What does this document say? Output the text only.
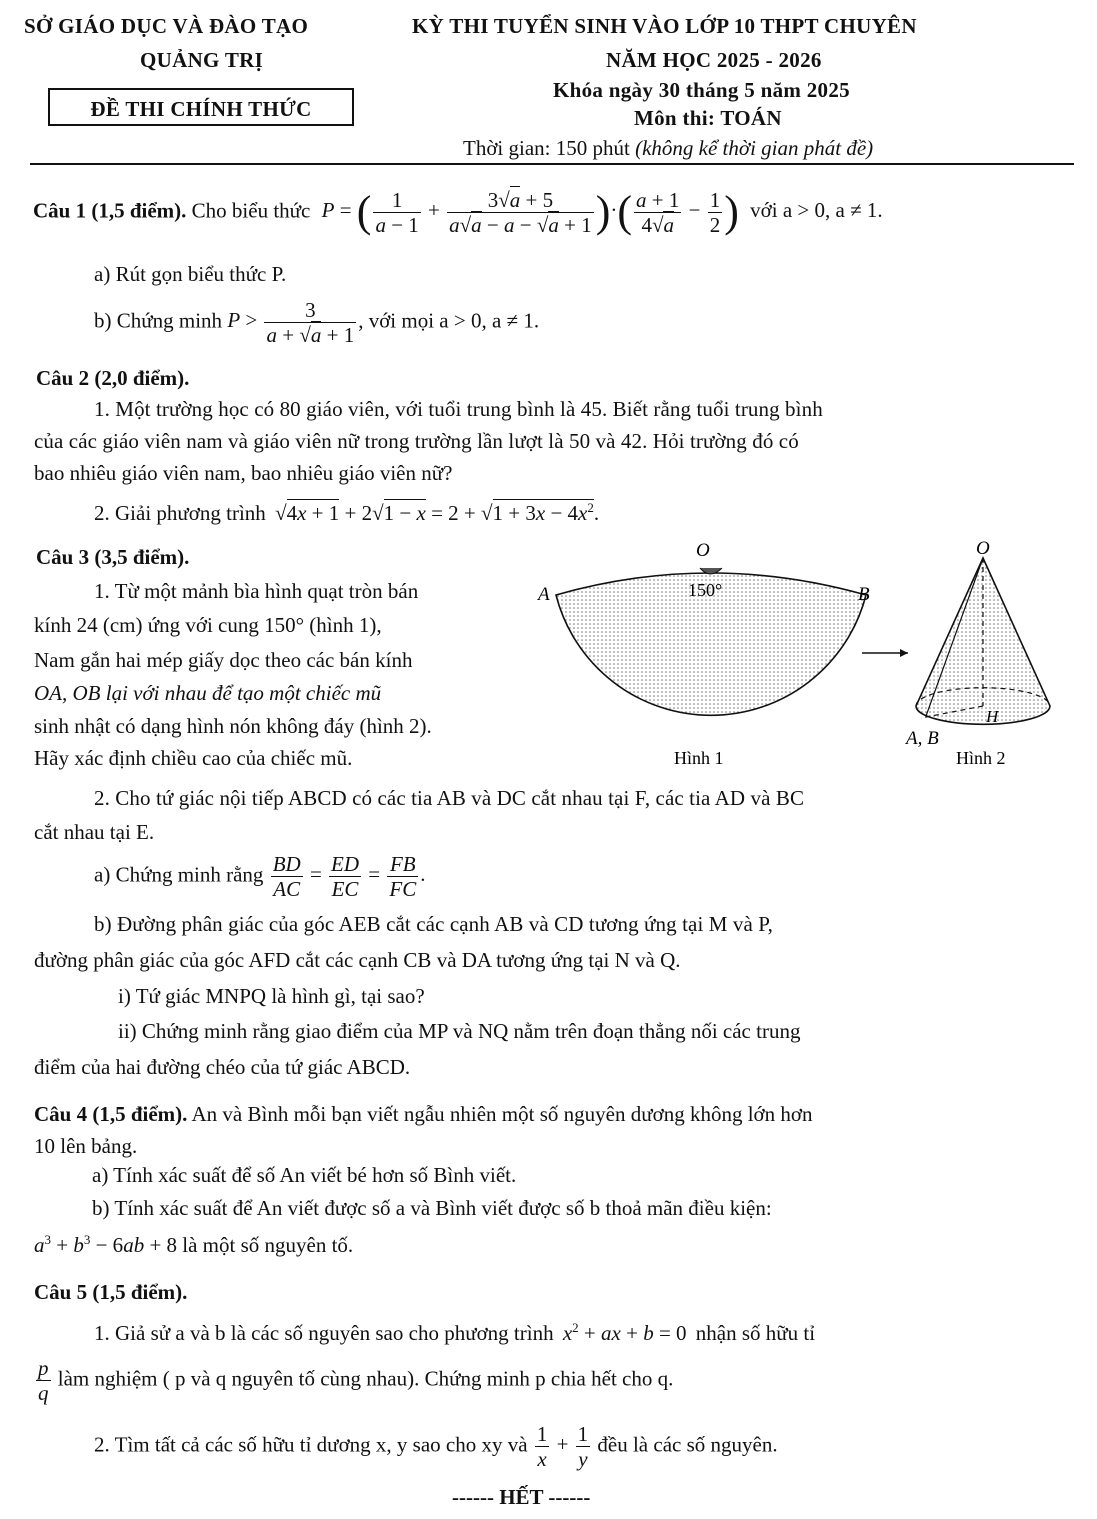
SỞ GIÁO DỤC VÀ ĐÀO TẠO
QUẢNG TRỊ
ĐỀ THI CHÍNH THỨC
KỲ THI TUYỂN SINH VÀO LỚP 10 THPT CHUYÊN
NĂM HỌC 2025 - 2026
Khóa ngày 30 tháng 5 năm 2025
Môn thi: TOÁN
Thời gian: 150 phút (không kể thời gian phát đề)
Câu 1 (1,5 điểm). Cho biểu thức P = ( $\frac{1}{a - 1} + \frac{3√a + 5}{a√a - a - √a + 1}$ )·( $\frac{a + 1}{4√a} - \frac{1}{2}$ ) với a > 0, a ≠ 1.
a) Rút gọn biểu thức P.
b) Chứng minh $P > \frac{3}{a + √a + 1}$ , với mọi a > 0, a ≠ 1.
Câu 2 (2,0 điểm).
1. Một trường học có 80 giáo viên, với tuổi trung bình là 45. Biết rằng tuổi trung bình
của các giáo viên nam và giáo viên nữ trong trường lần lượt là 50 và 42. Hỏi trường đó có
bao nhiêu giáo viên nam, bao nhiêu giáo viên nữ?
2. Giải phương trình $√4x + 1 + 2√1 - x = 2 + √1 + 3x - 4x^2$.
Câu 3 (3,5 điểm).
1. Từ một mảnh bìa hình quạt tròn bán
kính 24 (cm) ứng với cung 150° (hình 1),
Nam gắn hai mép giấy dọc theo các bán kính
OA, OB lại với nhau để tạo một chiếc mũ
sinh nhật có dạng hình nón không đáy (hình 2).
Hãy xác định chiều cao của chiếc mũ.
O
A	B
150°
Hình 1
O
H
A, B
Hình 2
2. Cho tứ giác nội tiếp ABCD có các tia AB và DC cắt nhau tại F, các tia AD và BC
cắt nhau tại E.
a) Chứng minh rằng $\frac{BD}{AC} = \frac{ED}{EC} = \frac{FB}{FC}$ .
b) Đường phân giác của góc AEB cắt các cạnh AB và CD tương ứng tại M và P,
đường phân giác của góc AFD cắt các cạnh CB và DA tương ứng tại N và Q.
i) Tứ giác MNPQ là hình gì, tại sao?
ii) Chứng minh rằng giao điểm của MP và NQ nằm trên đoạn thẳng nối các trung
điểm của hai đường chéo của tứ giác ABCD.
Câu 4 (1,5 điểm). An và Bình mỗi bạn viết ngẫu nhiên một số nguyên dương không lớn hơn
10 lên bảng.
a) Tính xác suất để số An viết bé hơn số Bình viết.
b) Tính xác suất để An viết được số a và Bình viết được số b thoả mãn điều kiện:
$a^3 + b^3 - 6ab + 8$ là một số nguyên tố.
Câu 5 (1,5 điểm).
1. Giả sử a và b là các số nguyên sao cho phương trình $x^2$ + ax + b = 0 nhận số hữu tỉ
$\frac{p}{q}$ làm nghiệm ( p và q nguyên tố cùng nhau). Chứng minh p chia hết cho q.
2. Tìm tất cả các số hữu tỉ dương x, y sao cho xy và $\frac{1}{x} + \frac{1}{y}$ đều là các số nguyên.
------ HẾT ------
